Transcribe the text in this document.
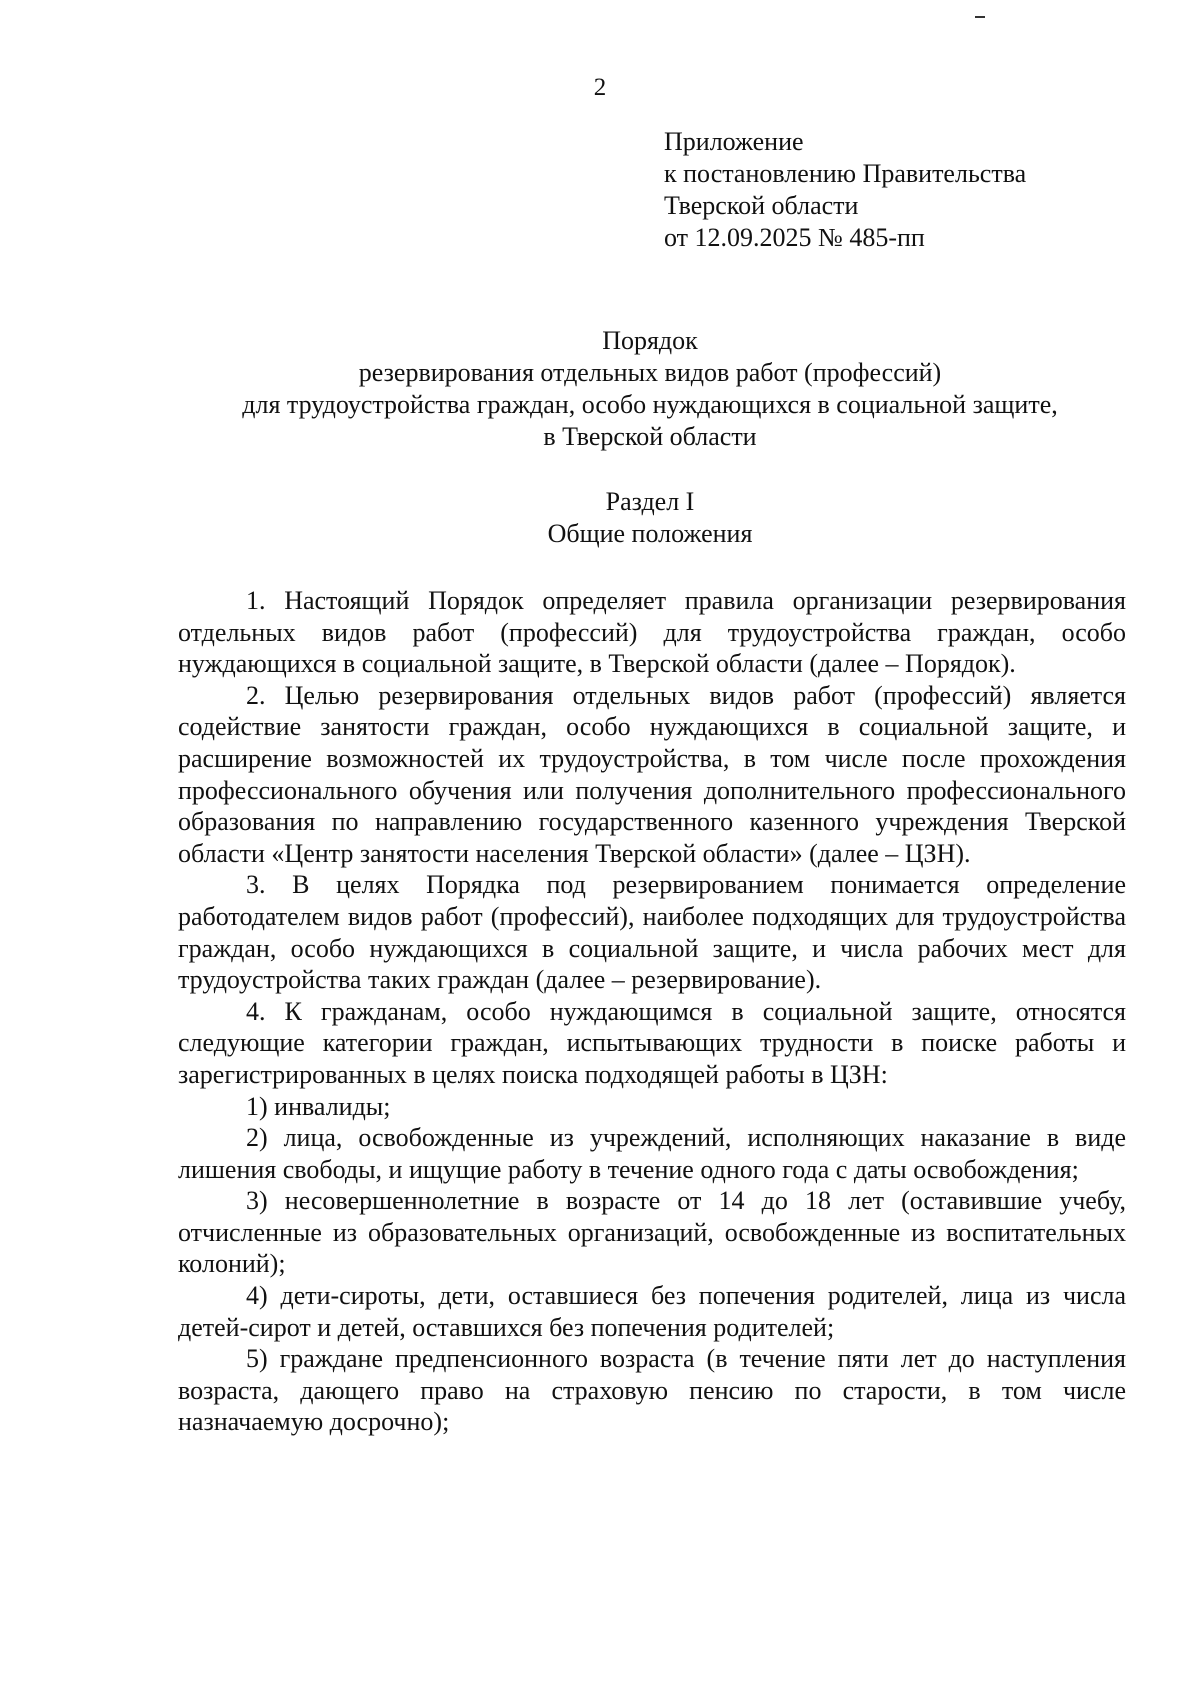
2
Приложение
к постановлению Правительства
Тверской области
от 12.09.2025 № 485-пп
Порядок
резервирования отдельных видов работ (профессий)
для трудоустройства граждан, особо нуждающихся в социальной защите,
в Тверской области
Раздел I
Общие положения

1. Настоящий Порядок определяет правила организации резервирования отдельных видов работ (профессий) для трудоустройства граждан, особо нуждающихся в социальной защите, в Тверской области (далее – Порядок).

2. Целью резервирования отдельных видов работ (профессий) является содействие занятости граждан, особо нуждающихся в социальной защите, и расширение возможностей их трудоустройства, в том числе после прохождения профессионального обучения или получения дополнительного профессионального образования по направлению государственного казенного учреждения Тверской области «Центр занятости населения Тверской области» (далее – ЦЗН).

3. В целях Порядка под резервированием понимается определение работодателем видов работ (профессий), наиболее подходящих для трудоустройства граждан, особо нуждающихся в социальной защите, и числа рабочих мест для трудоустройства таких граждан (далее – резервирование).

4. К гражданам, особо нуждающимся в социальной защите, относятся следующие категории граждан, испытывающих трудности в поиске работы и зарегистрированных в целях поиска подходящей работы в ЦЗН:

1) инвалиды;

2) лица, освобожденные из учреждений, исполняющих наказание в виде лишения свободы, и ищущие работу в течение одного года с даты освобождения;

3) несовершеннолетние в возрасте от 14 до 18 лет (оставившие учебу, отчисленные из образовательных организаций, освобожденные из воспитательных колоний);

4) дети-сироты, дети, оставшиеся без попечения родителей, лица из числа детей-сирот и детей, оставшихся без попечения родителей;

5) граждане предпенсионного возраста (в течение пяти лет до наступления возраста, дающего право на страховую пенсию по старости, в том числе назначаемую досрочно);
